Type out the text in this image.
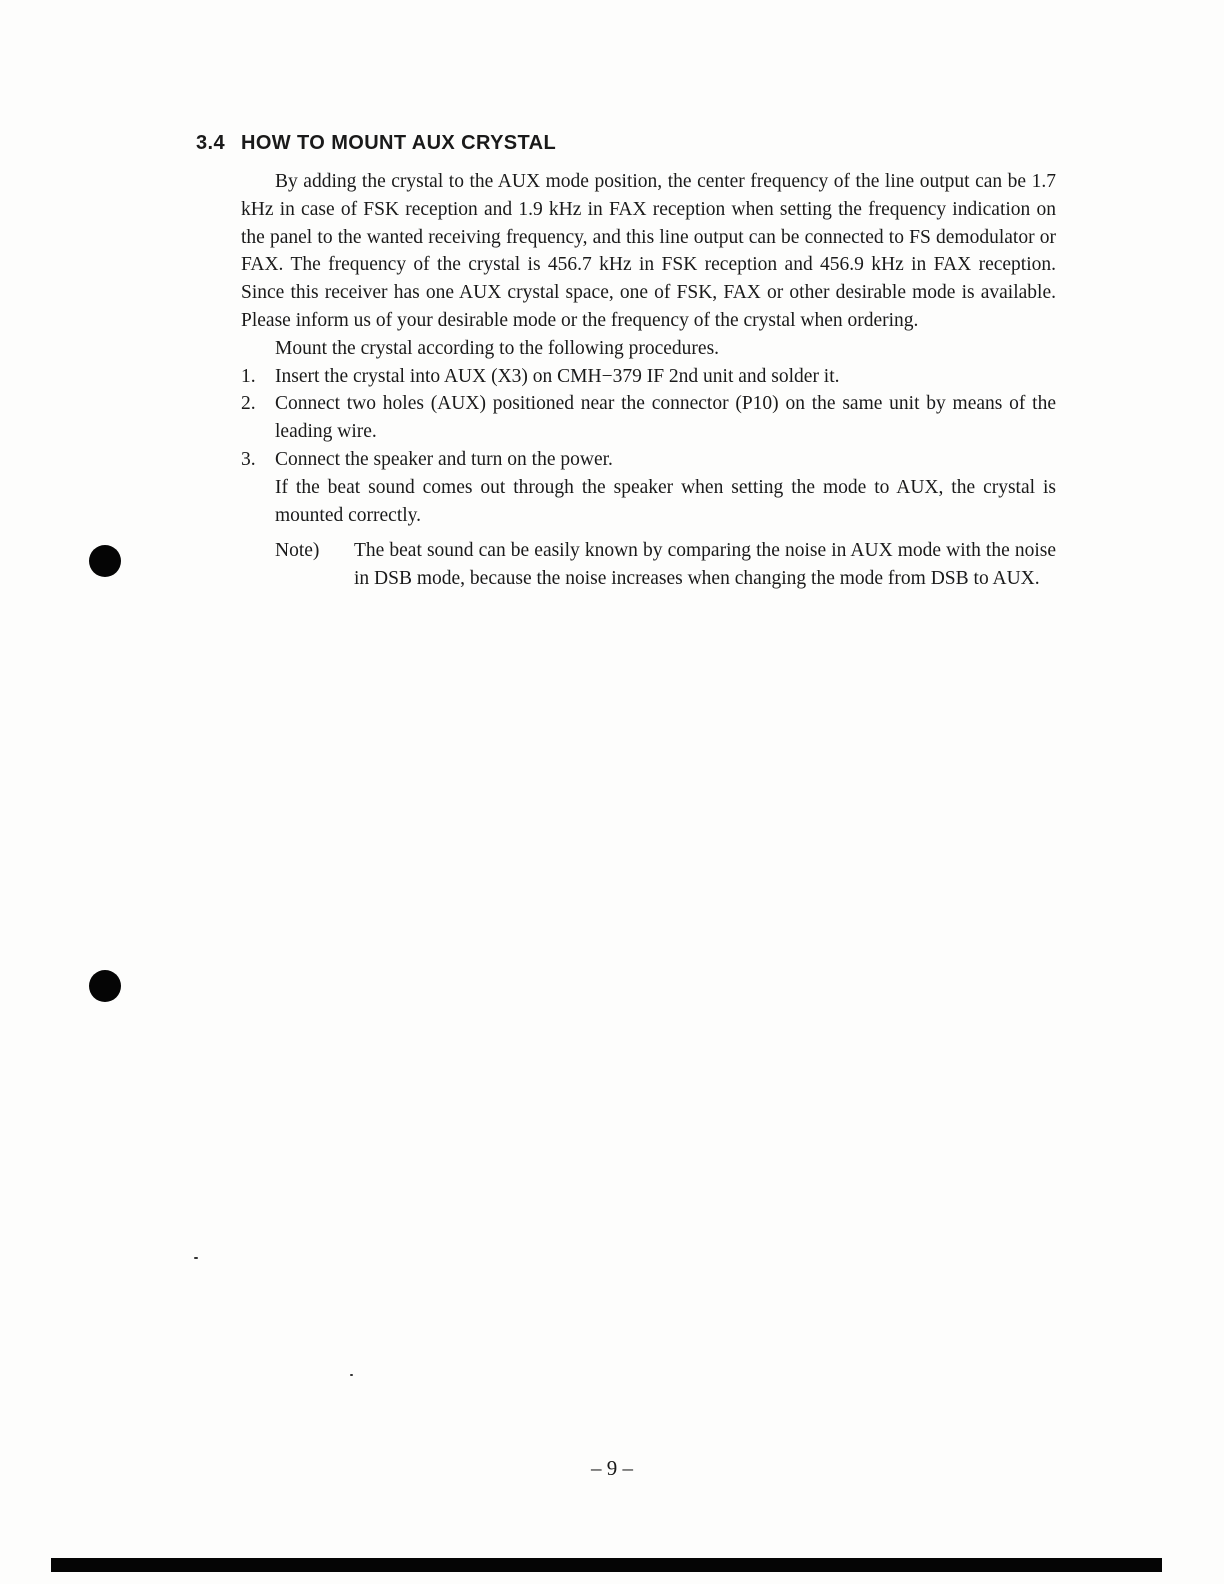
3.4 HOW TO MOUNT AUX CRYSTAL

By adding the crystal to the AUX mode position, the center frequency of the line output can be 1.7 kHz in case of FSK reception and 1.9 kHz in FAX reception when setting the frequency indication on the panel to the wanted receiving frequency, and this line output can be connected to FS demodulator or FAX. The frequency of the crystal is 456.7 kHz in FSK reception and 456.9 kHz in FAX reception. Since this receiver has one AUX crystal space, one of FSK, FAX or other desirable mode is available. Please inform us of your desirable mode or the frequency of the crystal when ordering.

Mount the crystal according to the following procedures.

1. Insert the crystal into AUX (X3) on CMH−379 IF 2nd unit and solder it.
2. Connect two holes (AUX) positioned near the connector (P10) on the same unit by means of the leading wire.
3. Connect the speaker and turn on the power.
If the beat sound comes out through the speaker when setting the mode to AUX, the crystal is mounted correctly.
Note) The beat sound can be easily known by comparing the noise in AUX mode with the noise in DSB mode, because the noise increases when changing the mode from DSB to AUX.
– 9 –
